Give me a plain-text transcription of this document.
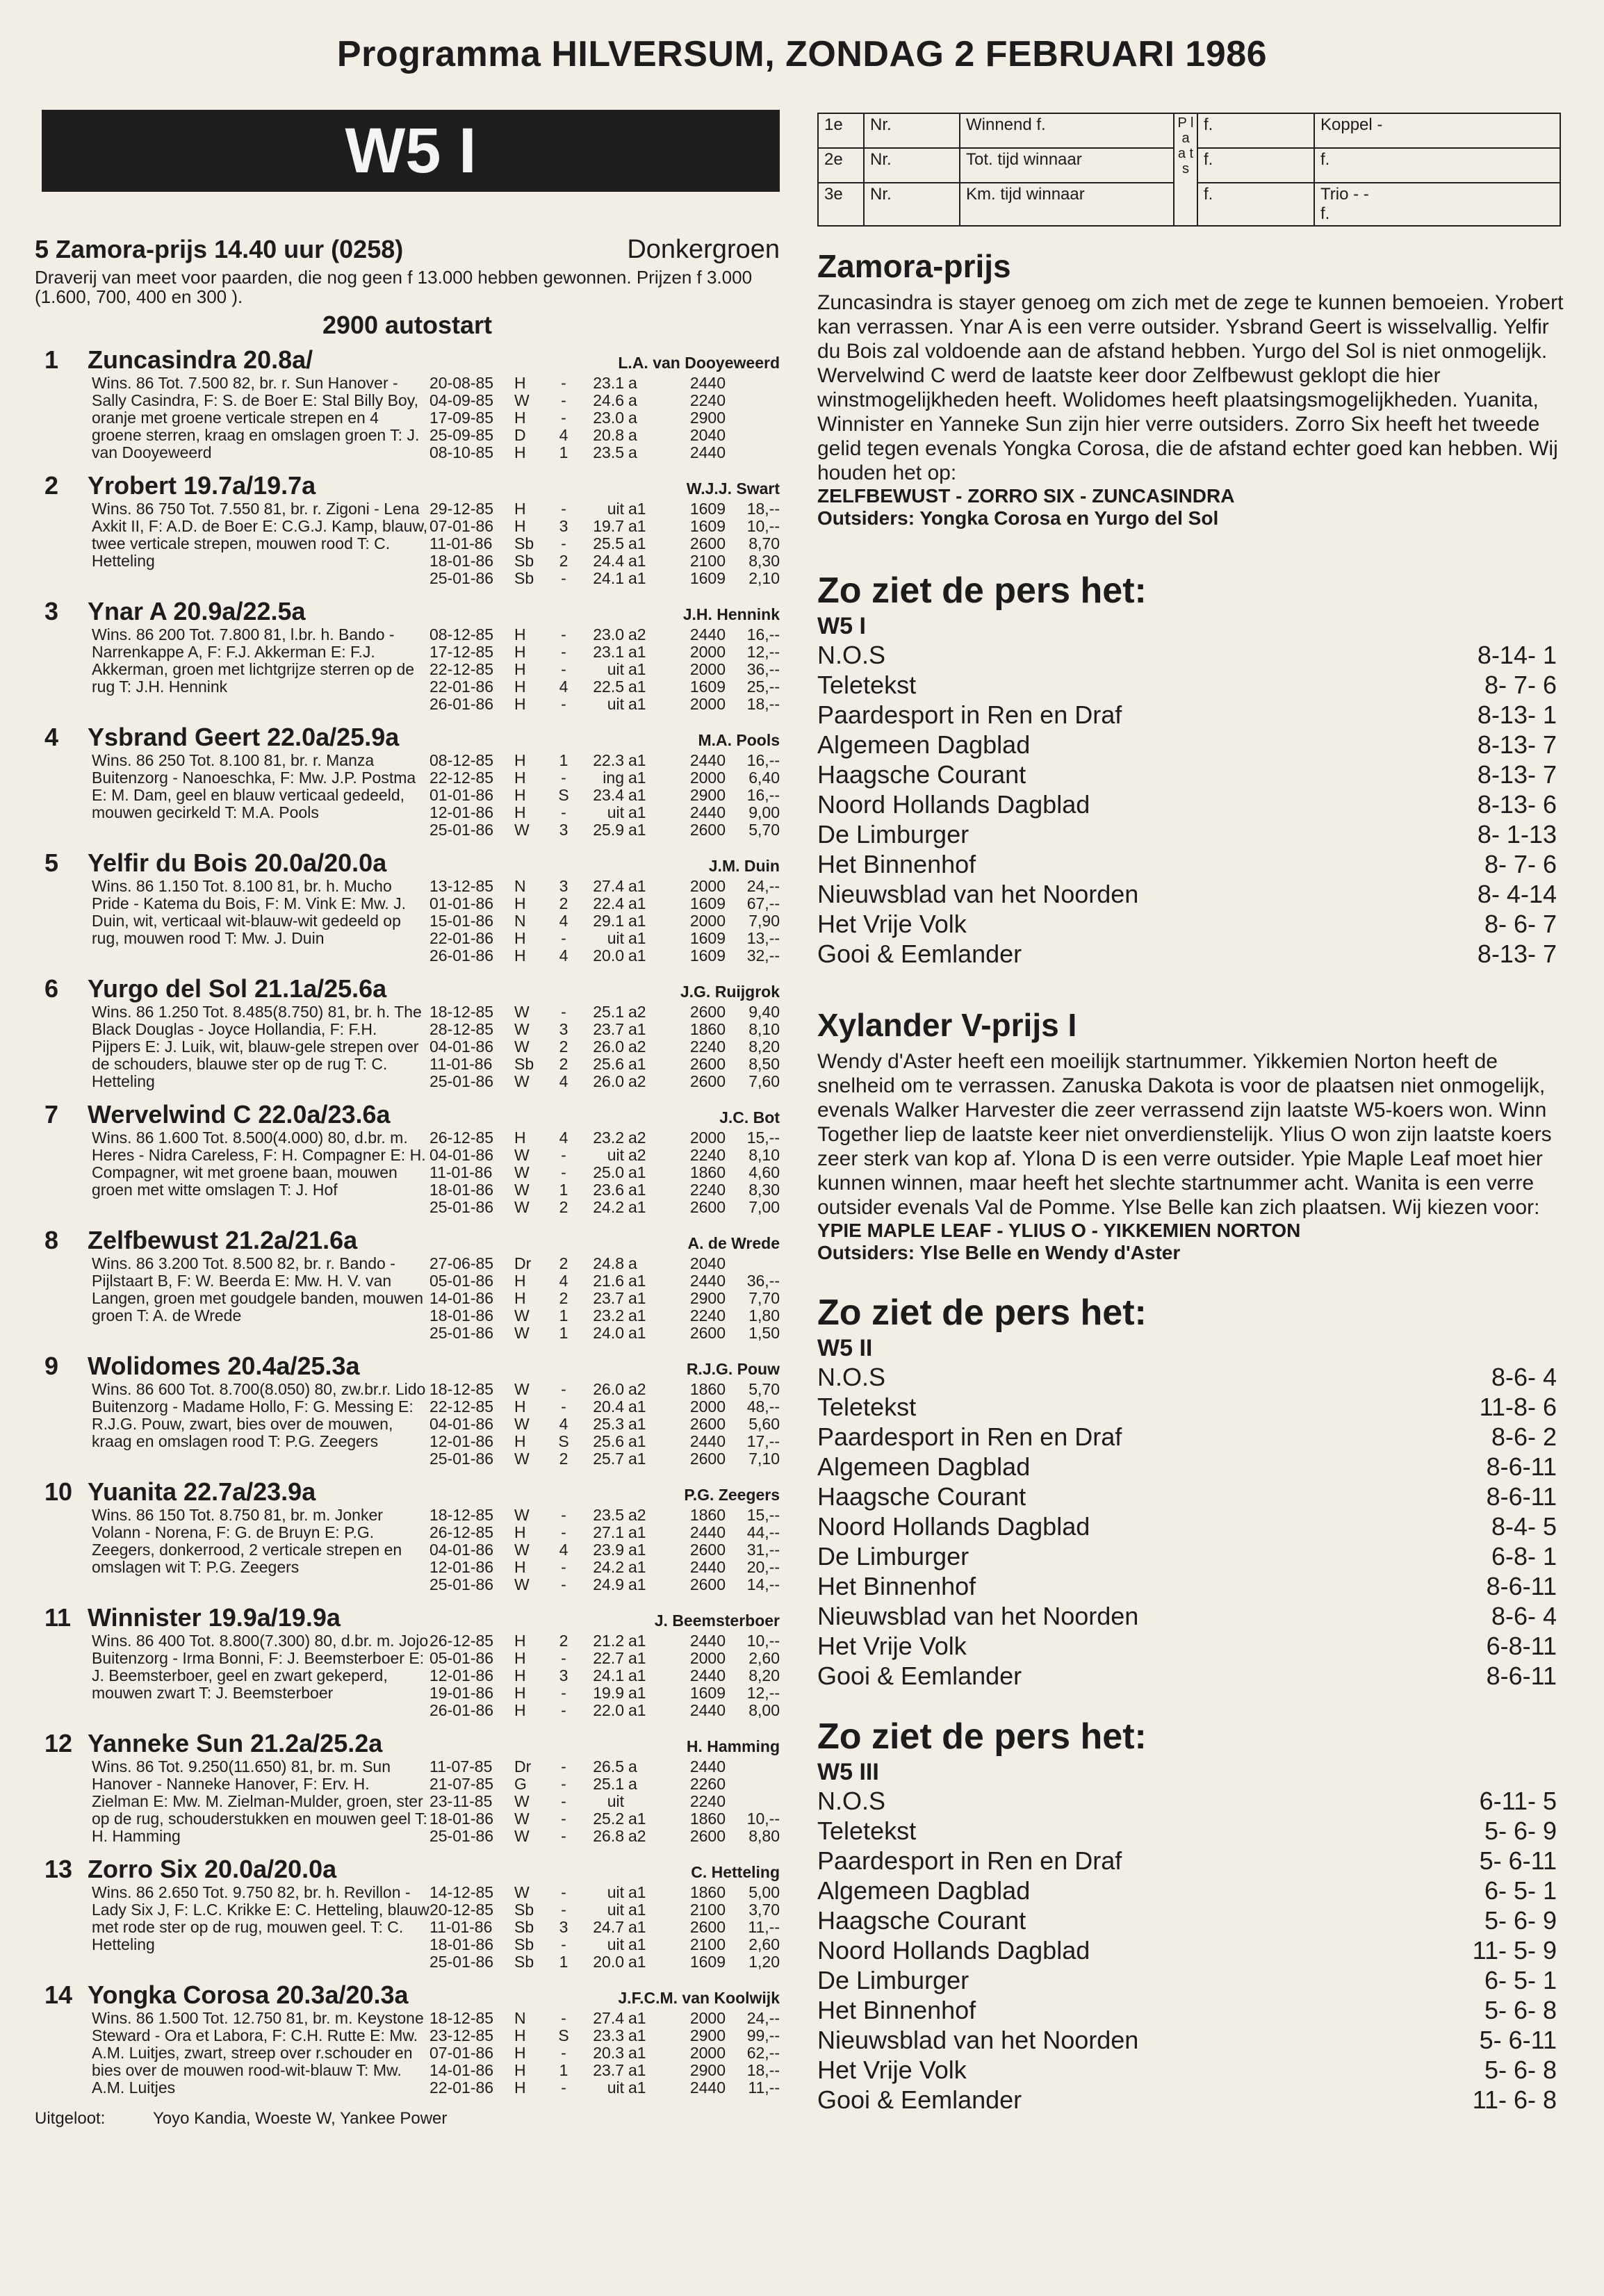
Programma HILVERSUM, ZONDAG 2 FEBRUARI 1986
W5 I
5 Zamora-prijs 14.40 uur (0258)	Donkergroen
Draverij van meet voor paarden, die nog geen f 13.000 hebben gewonnen. Prijzen f 3.000 (1.600, 700, 400 en 300 ).
2900 autostart
1	Zuncasindra 20.8a/	L.A. van Dooyeweerd
Wins. 86 Tot. 7.500 82, br. r. Sun Hanover - Sally Casindra, F: S. de Boer E: Stal Billy Boy, oranje met groene verticale strepen en 4 groene sterren, kraag en omslagen groen T: J. van Dooyeweerd
20-08-85	H	-	23.1 a	2440
04-09-85	W	-	24.6 a	2240
17-09-85	H	-	23.0 a	2900
25-09-85	D	4	20.8 a	2040
08-10-85	H	1	23.5 a	2440
2	Yrobert 19.7a/19.7a	W.J.J. Swart
Wins. 86 750 Tot. 7.550 81, br. r. Zigoni - Lena Axkit II, F: A.D. de Boer E: C.G.J. Kamp, blauw, twee verticale strepen, mouwen rood T: C. Hetteling
29-12-85	H	-	uit a1	1609	18,--
07-01-86	H	3	19.7 a1	1609	10,--
11-01-86	Sb	-	25.5 a1	2600	8,70
18-01-86	Sb	2	24.4 a1	2100	8,30
25-01-86	Sb	-	24.1 a1	1609	2,10
3	Ynar A 20.9a/22.5a	J.H. Hennink
Wins. 86 200 Tot. 7.800 81, l.br. h. Bando - Narrenkappe A, F: F.J. Akkerman E: F.J. Akkerman, groen met lichtgrijze sterren op de rug T: J.H. Hennink
08-12-85	H	-	23.0 a2	2440	16,--
17-12-85	H	-	23.1 a1	2000	12,--
22-12-85	H	-	uit a1	2000	36,--
22-01-86	H	4	22.5 a1	1609	25,--
26-01-86	H	-	uit a1	2000	18,--
4	Ysbrand Geert 22.0a/25.9a	M.A. Pools
Wins. 86 250 Tot. 8.100 81, br. r. Manza Buitenzorg - Nanoeschka, F: Mw. J.P. Postma E: M. Dam, geel en blauw verticaal gedeeld, mouwen gecirkeld T: M.A. Pools
08-12-85	H	1	22.3 a1	2440	16,--
22-12-85	H	-	ing a1	2000	6,40
01-01-86	H	S	23.4 a1	2900	16,--
12-01-86	H	-	uit a1	2440	9,00
25-01-86	W	3	25.9 a1	2600	5,70
5	Yelfir du Bois 20.0a/20.0a	J.M. Duin
Wins. 86 1.150 Tot. 8.100 81, br. h. Mucho Pride - Katema du Bois, F: M. Vink E: Mw. J. Duin, wit, verticaal wit-blauw-wit gedeeld op rug, mouwen rood T: Mw. J. Duin
13-12-85	N	3	27.4 a1	2000	24,--
01-01-86	H	2	22.4 a1	1609	67,--
15-01-86	N	4	29.1 a1	2000	7,90
22-01-86	H	-	uit a1	1609	13,--
26-01-86	H	4	20.0 a1	1609	32,--
6	Yurgo del Sol 21.1a/25.6a	J.G. Ruijgrok
Wins. 86 1.250 Tot. 8.485(8.750) 81, br. h. The Black Douglas - Joyce Hollandia, F: F.H. Pijpers E: J. Luik, wit, blauw-gele strepen over de schouders, blauwe ster op de rug T: C. Hetteling
18-12-85	W	-	25.1 a2	2600	9,40
28-12-85	W	3	23.7 a1	1860	8,10
04-01-86	W	2	26.0 a2	2240	8,20
11-01-86	Sb	2	25.6 a1	2600	8,50
25-01-86	W	4	26.0 a2	2600	7,60
7	Wervelwind C 22.0a/23.6a	J.C. Bot
Wins. 86 1.600 Tot. 8.500(4.000) 80, d.br. m. Heres - Nidra Careless, F: H. Compagner E: H. Compagner, wit met groene baan, mouwen groen met witte omslagen T: J. Hof
26-12-85	H	4	23.2 a2	2000	15,--
04-01-86	W	-	uit a2	2240	8,10
11-01-86	W	-	25.0 a1	1860	4,60
18-01-86	W	1	23.6 a1	2240	8,30
25-01-86	W	2	24.2 a1	2600	7,00
8	Zelfbewust 21.2a/21.6a	A. de Wrede
Wins. 86 3.200 Tot. 8.500 82, br. r. Bando - Pijlstaart B, F: W. Beerda E: Mw. H. V. van Langen, groen met goudgele banden, mouwen groen T: A. de Wrede
27-06-85	Dr	2	24.8 a	2040
05-01-86	H	4	21.6 a1	2440	36,--
14-01-86	H	2	23.7 a1	2900	7,70
18-01-86	W	1	23.2 a1	2240	1,80
25-01-86	W	1	24.0 a1	2600	1,50
9	Wolidomes 20.4a/25.3a	R.J.G. Pouw
Wins. 86 600 Tot. 8.700(8.050) 80, zw.br.r. Lido Buitenzorg - Madame Hollo, F: G. Messing E: R.J.G. Pouw, zwart, bies over de mouwen, kraag en omslagen rood T: P.G. Zeegers
18-12-85	W	-	26.0 a2	1860	5,70
22-12-85	H	-	20.4 a1	2000	48,--
04-01-86	W	4	25.3 a1	2600	5,60
12-01-86	H	S	25.6 a1	2440	17,--
25-01-86	W	2	25.7 a1	2600	7,10
10 Yuanita 22.7a/23.9a	P.G. Zeegers
Wins. 86 150 Tot. 8.750 81, br. m. Jonker Volann - Norena, F: G. de Bruyn E: P.G. Zeegers, donkerrood, 2 verticale strepen en omslagen wit T: P.G. Zeegers
18-12-85	W	-	23.5 a2	1860	15,--
26-12-85	H	-	27.1 a1	2440	44,--
04-01-86	W	4	23.9 a1	2600	31,--
12-01-86	H	-	24.2 a1	2440	20,--
25-01-86	W	-	24.9 a1	2600	14,--
11 Winnister 19.9a/19.9a	J. Beemsterboer
Wins. 86 400 Tot. 8.800(7.300) 80, d.br. m. Jojo Buitenzorg - Irma Bonni, F: J. Beemsterboer E: J. Beemsterboer, geel en zwart gekeperd, mouwen zwart T: J. Beemsterboer
26-12-85	H	2	21.2 a1	2440	10,--
05-01-86	H	-	22.7 a1	2000	2,60
12-01-86	H	3	24.1 a1	2440	8,20
19-01-86	H	-	19.9 a1	1609	12,--
26-01-86	H	-	22.0 a1	2440	8,00
12 Yanneke Sun 21.2a/25.2a	H. Hamming
Wins. 86 Tot. 9.250(11.650) 81, br. m. Sun Hanover - Nanneke Hanover, F: Erv. H. Zielman E: Mw. M. Zielman-Mulder, groen, ster op de rug, schouderstukken en mouwen geel T: H. Hamming
11-07-85	Dr	-	26.5 a	2440
21-07-85	G	-	25.1 a	2260
23-11-85	W	-	uit	2240
18-01-86	W	-	25.2 a1	1860	10,--
25-01-86	W	-	26.8 a2	2600	8,80
13 Zorro Six 20.0a/20.0a	C. Hetteling
Wins. 86 2.650 Tot. 9.750 82, br. h. Revillon - Lady Six J, F: L.C. Krikke E: C. Hetteling, blauw met rode ster op de rug, mouwen geel. T: C. Hetteling
14-12-85	W	-	uit a1	1860	5,00
20-12-85	Sb	-	uit a1	2100	3,70
11-01-86	Sb	3	24.7 a1	2600	11,--
18-01-86	Sb	-	uit a1	2100	2,60
25-01-86	Sb	1	20.0 a1	1609	1,20
14 Yongka Corosa 20.3a/20.3a	J.F.C.M. van Koolwijk
Wins. 86 1.500 Tot. 12.750 81, br. m. Keystone Steward - Ora et Labora, F: C.H. Rutte E: Mw. A.M. Luitjes, zwart, streep over r.schouder en bies over de mouwen rood-wit-blauw T: Mw. A.M. Luitjes
18-12-85	N	-	27.4 a1	2000	24,--
23-12-85	H	S	23.3 a1	2900	99,--
07-01-86	H	-	20.3 a1	2000	62,--
14-01-86	H	1	23.7 a1	2900	18,--
22-01-86	H	-	uit a1	2440	11,--
Uitgeloot:	Yoyo Kandia, Woeste W, Yankee Power
1e	Nr.	Winnend f.	P l a a t s	f.	Koppel -
2e	Nr.	Tot. tijd winnaar		f.	f.
3e	Nr.	Km. tijd winnaar		f.	Trio - -
f.
Zamora-prijs
Zuncasindra is stayer genoeg om zich met de zege te kunnen bemoeien. Yrobert kan verrassen. Ynar A is een verre outsider. Ysbrand Geert is wisselvallig. Yelfir du Bois zal voldoende aan de afstand hebben. Yurgo del Sol is niet onmogelijk. Wervelwind C werd de laatste keer door Zelfbewust geklopt die hier winstmogelijkheden heeft. Wolidomes heeft plaatsingsmogelijkheden. Yuanita, Winnister en Yanneke Sun zijn hier verre outsiders. Zorro Six heeft het tweede gelid tegen evenals Yongka Corosa, die de afstand echter goed kan hebben. Wij houden het op:
ZELFBEWUST - ZORRO SIX - ZUNCASINDRA
Outsiders: Yongka Corosa en Yurgo del Sol
Zo ziet de pers het:
W5 I
N.O.S	8-14- 1
Teletekst	8- 7- 6
Paardesport in Ren en Draf	8-13- 1
Algemeen Dagblad	8-13- 7
Haagsche Courant	8-13- 7
Noord Hollands Dagblad	8-13- 6
De Limburger	8- 1-13
Het Binnenhof	8- 7- 6
Nieuwsblad van het Noorden	8- 4-14
Het Vrije Volk	8- 6- 7
Gooi & Eemlander	8-13- 7
Xylander V-prijs I
Wendy d'Aster heeft een moeilijk startnummer. Yikkemien Norton heeft de snelheid om te verrassen. Zanuska Dakota is voor de plaatsen niet onmogelijk, evenals Walker Harvester die zeer verrassend zijn laatste W5-koers won. Winn Together liep de laatste keer niet onverdienstelijk. Ylius O won zijn laatste koers zeer sterk van kop af. Ylona D is een verre outsider. Ypie Maple Leaf moet hier kunnen winnen, maar heeft het slechte startnummer acht. Wanita is een verre outsider evenals Val de Pomme. Ylse Belle kan zich plaatsen. Wij kiezen voor:
YPIE MAPLE LEAF - YLIUS O - YIKKEMIEN NORTON
Outsiders: Ylse Belle en Wendy d'Aster
Zo ziet de pers het:
W5 II
N.O.S	8-6- 4
Teletekst	11-8- 6
Paardesport in Ren en Draf	8-6- 2
Algemeen Dagblad	8-6-11
Haagsche Courant	8-6-11
Noord Hollands Dagblad	8-4- 5
De Limburger	6-8- 1
Het Binnenhof	8-6-11
Nieuwsblad van het Noorden	8-6- 4
Het Vrije Volk	6-8-11
Gooi & Eemlander	8-6-11
Zo ziet de pers het:
W5 III
N.O.S	6-11- 5
Teletekst	5- 6- 9
Paardesport in Ren en Draf	5- 6-11
Algemeen Dagblad	6- 5- 1
Haagsche Courant	5- 6- 9
Noord Hollands Dagblad	11- 5- 9
De Limburger	6- 5- 1
Het Binnenhof	5- 6- 8
Nieuwsblad van het Noorden	5- 6-11
Het Vrije Volk	5- 6- 8
Gooi & Eemlander	11- 6- 8
